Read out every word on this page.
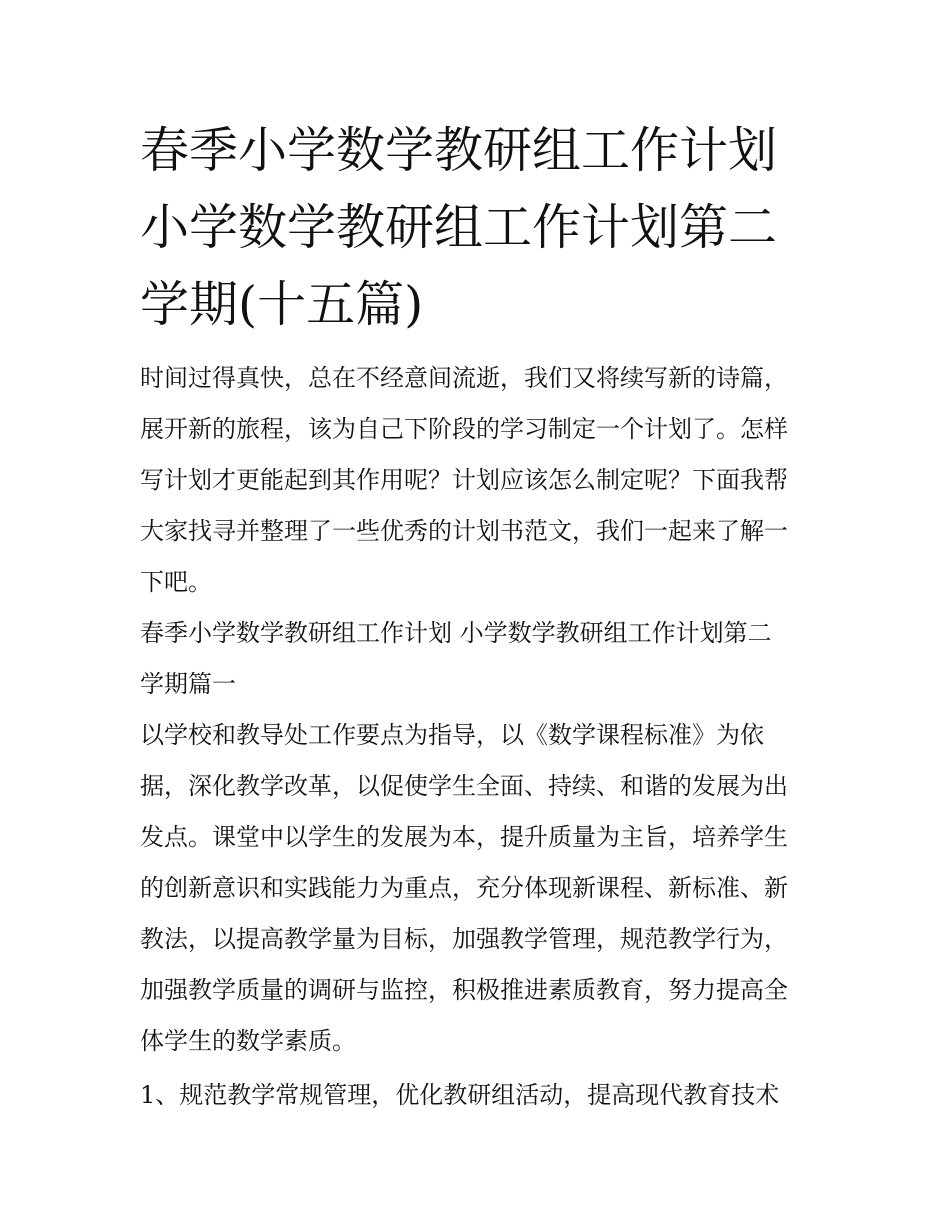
春季小学数学教研组工作计划
小学数学教研组工作计划第二
学期(十五篇)

时间过得真快，总在不经意间流逝，我们又将续写新的诗篇，
展开新的旅程，该为自己下阶段的学习制定一个计划了。怎样
写计划才更能起到其作用呢？计划应该怎么制定呢？下面我帮
大家找寻并整理了一些优秀的计划书范文，我们一起来了解一
下吧。

春季小学数学教研组工作计划 小学数学教研组工作计划第二
学期篇一

以学校和教导处工作要点为指导，以《数学课程标准》为依
据，深化教学改革，以促使学生全面、持续、和谐的发展为出
发点。课堂中以学生的发展为本，提升质量为主旨，培养学生
的创新意识和实践能力为重点，充分体现新课程、新标准、新
教法，以提高教学量为目标，加强教学管理，规范教学行为，
加强教学质量的调研与监控，积极推进素质教育，努力提高全
体学生的数学素质。

1、规范教学常规管理，优化教研组活动，提高现代教育技术
